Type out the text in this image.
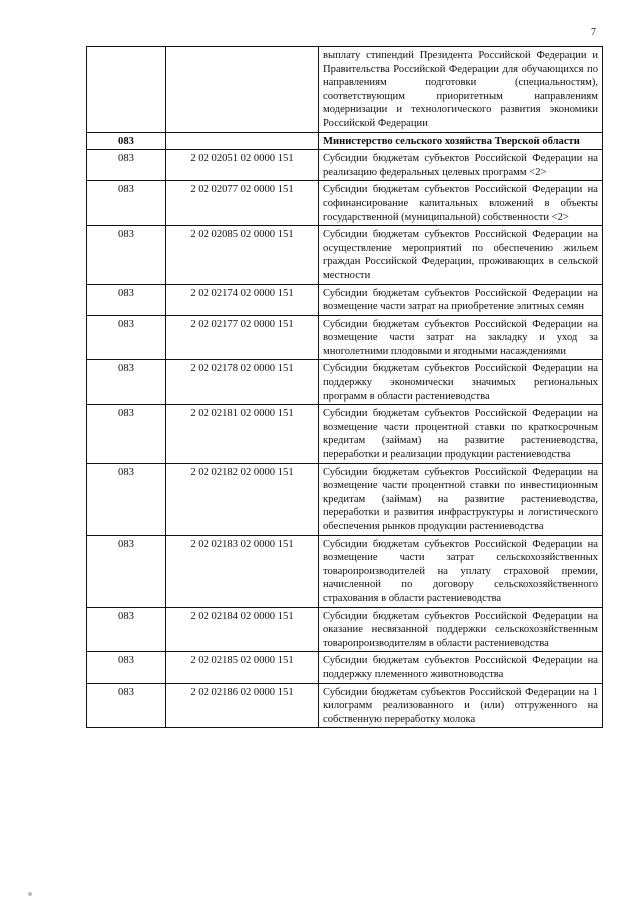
7
		выплату стипендий Президента Российской Федерации и Правительства Российской Федерации для обучающихся по направлениям подготовки (специальностям), соответствующим приоритетным направлениям модернизации и технологического развития экономики Российской Федерации
083		Министерство сельского хозяйства Тверской области
083	2 02 02051 02 0000 151	Субсидии бюджетам субъектов Российской Федерации на реализацию федеральных целевых программ <2>
083	2 02 02077 02 0000 151	Субсидии бюджетам субъектов Российской Федерации на софинансирование капитальных вложений в объекты государственной (муниципальной) собственности <2>
083	2 02 02085 02 0000 151	Субсидии бюджетам субъектов Российской Федерации на осуществление мероприятий по обеспечению жильем граждан Российской Федерации, проживающих в сельской местности
083	2 02 02174 02 0000 151	Субсидии бюджетам субъектов Российской Федерации на возмещение части затрат на приобретение элитных семян
083	2 02 02177 02 0000 151	Субсидии бюджетам субъектов Российской Федерации на возмещение части затрат на закладку и уход за многолетними плодовыми и ягодными насаждениями
083	2 02 02178 02 0000 151	Субсидии бюджетам субъектов Российской Федерации на поддержку экономически значимых региональных программ в области растениеводства
083	2 02 02181 02 0000 151	Субсидии бюджетам субъектов Российской Федерации на возмещение части процентной ставки по краткосрочным кредитам (займам) на развитие растениеводства, переработки и реализации продукции растениеводства
083	2 02 02182 02 0000 151	Субсидии бюджетам субъектов Российской Федерации на возмещение части процентной ставки по инвестиционным кредитам (займам) на развитие растениеводства, переработки и развития инфраструктуры и логистического обеспечения рынков продукции растениеводства
083	2 02 02183 02 0000 151	Субсидии бюджетам субъектов Российской Федерации на возмещение части затрат сельскохозяйственных товаропроизводителей на уплату страховой премии, начисленной по договору сельскохозяйственного страхования в области растениеводства
083	2 02 02184 02 0000 151	Субсидии бюджетам субъектов Российской Федерации на оказание несвязанной поддержки сельскохозяйственным товаропроизводителям в области растениеводства
083	2 02 02185 02 0000 151	Субсидии бюджетам субъектов Российской Федерации на поддержку племенного животноводства
083	2 02 02186 02 0000 151	Субсидии бюджетам субъектов Российской Федерации на 1 килограмм реализованного и (или) отгруженного на собственную переработку молока
